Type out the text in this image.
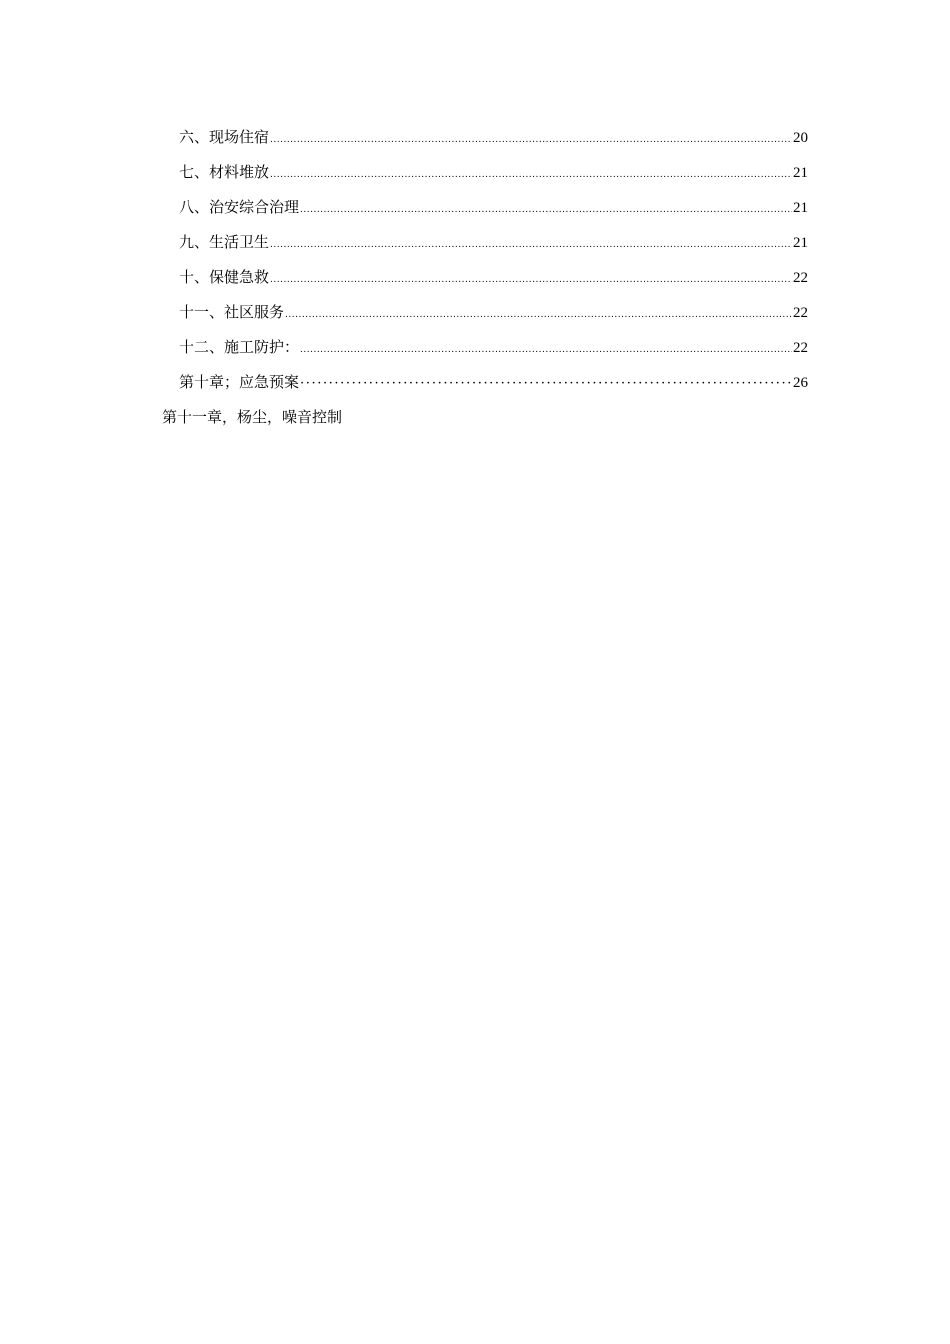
六、现场住宿 .....	20
七、材料堆放 .....	21
八、治安综合治理 .....	21
九、生活卫生 .....	21
十、保健急救 .....	22
十一、社区服务 .....	22
十二、施工防护： .....	22
第十章；应急预案 ·····	26
第十一章，杨尘，噪音控制
